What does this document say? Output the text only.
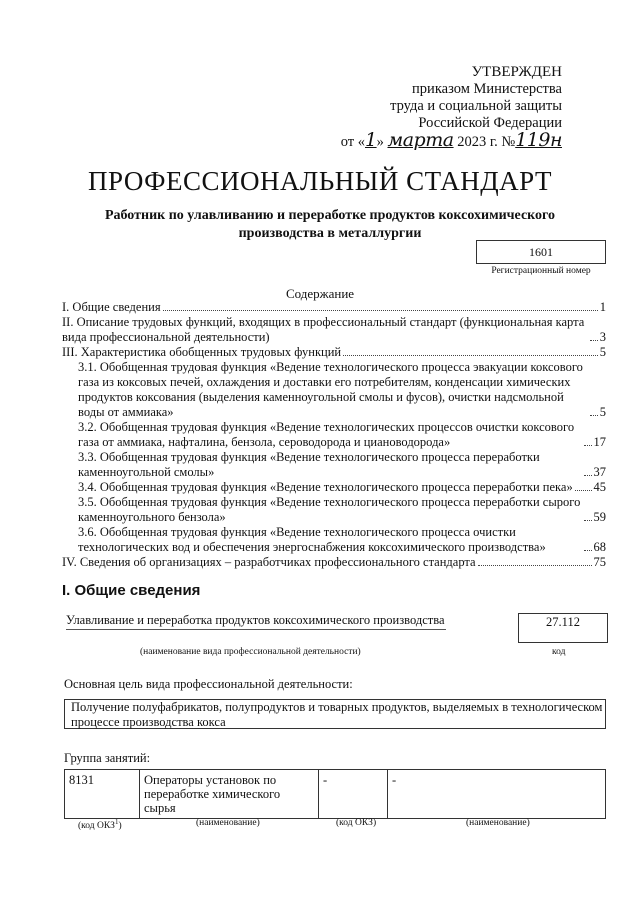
УТВЕРЖДЕН
приказом Министерства
труда и социальной защиты
Российской Федерации
от «1» марта 2023 г. №119н
ПРОФЕССИОНАЛЬНЫЙ СТАНДАРТ
Работник по улавливанию и переработке продуктов коксохимического производства в металлургии
1601
Регистрационный номер
Содержание
I. Общие сведения	1
II. Описание трудовых функций, входящих в профессиональный стандарт (функциональная карта вида профессиональной деятельности)	3
III. Характеристика обобщенных трудовых функций	5
3.1. Обобщенная трудовая функция «Ведение технологического процесса эвакуации коксового газа из коксовых печей, охлаждения и доставки его потребителям, конденсации химических продуктов коксования (выделения каменноугольной смолы и фусов), очистки надсмольной воды от аммиака»	5
3.2. Обобщенная трудовая функция «Ведение технологических процессов очистки коксового газа от аммиака, нафталина, бензола, сероводорода и циановодорода»	17
3.3. Обобщенная трудовая функция «Ведение технологического процесса переработки каменноугольной смолы»	37
3.4. Обобщенная трудовая функция «Ведение технологического процесса переработки пека» 45
3.5. Обобщенная трудовая функция «Ведение технологического процесса переработки сырого каменноугольного бензола»	59
3.6. Обобщенная трудовая функция «Ведение технологического процесса очистки технологических вод и обеспечения энергоснабжения коксохимического производства»	68
IV. Сведения об организациях – разработчиках профессионального стандарта	75
I. Общие сведения
Улавливание и переработка продуктов коксохимического производства	27.112
(наименование вида профессиональной деятельности)	код
Основная цель вида профессиональной деятельности:
Получение полуфабрикатов, полупродуктов и товарных продуктов, выделяемых в технологическом процессе производства кокса
Группа занятий:
8131	Операторы установок по переработке химического сырья	-	-
(код ОКЗ$^1$)	(наименование)	(код ОКЗ)	(наименование)
